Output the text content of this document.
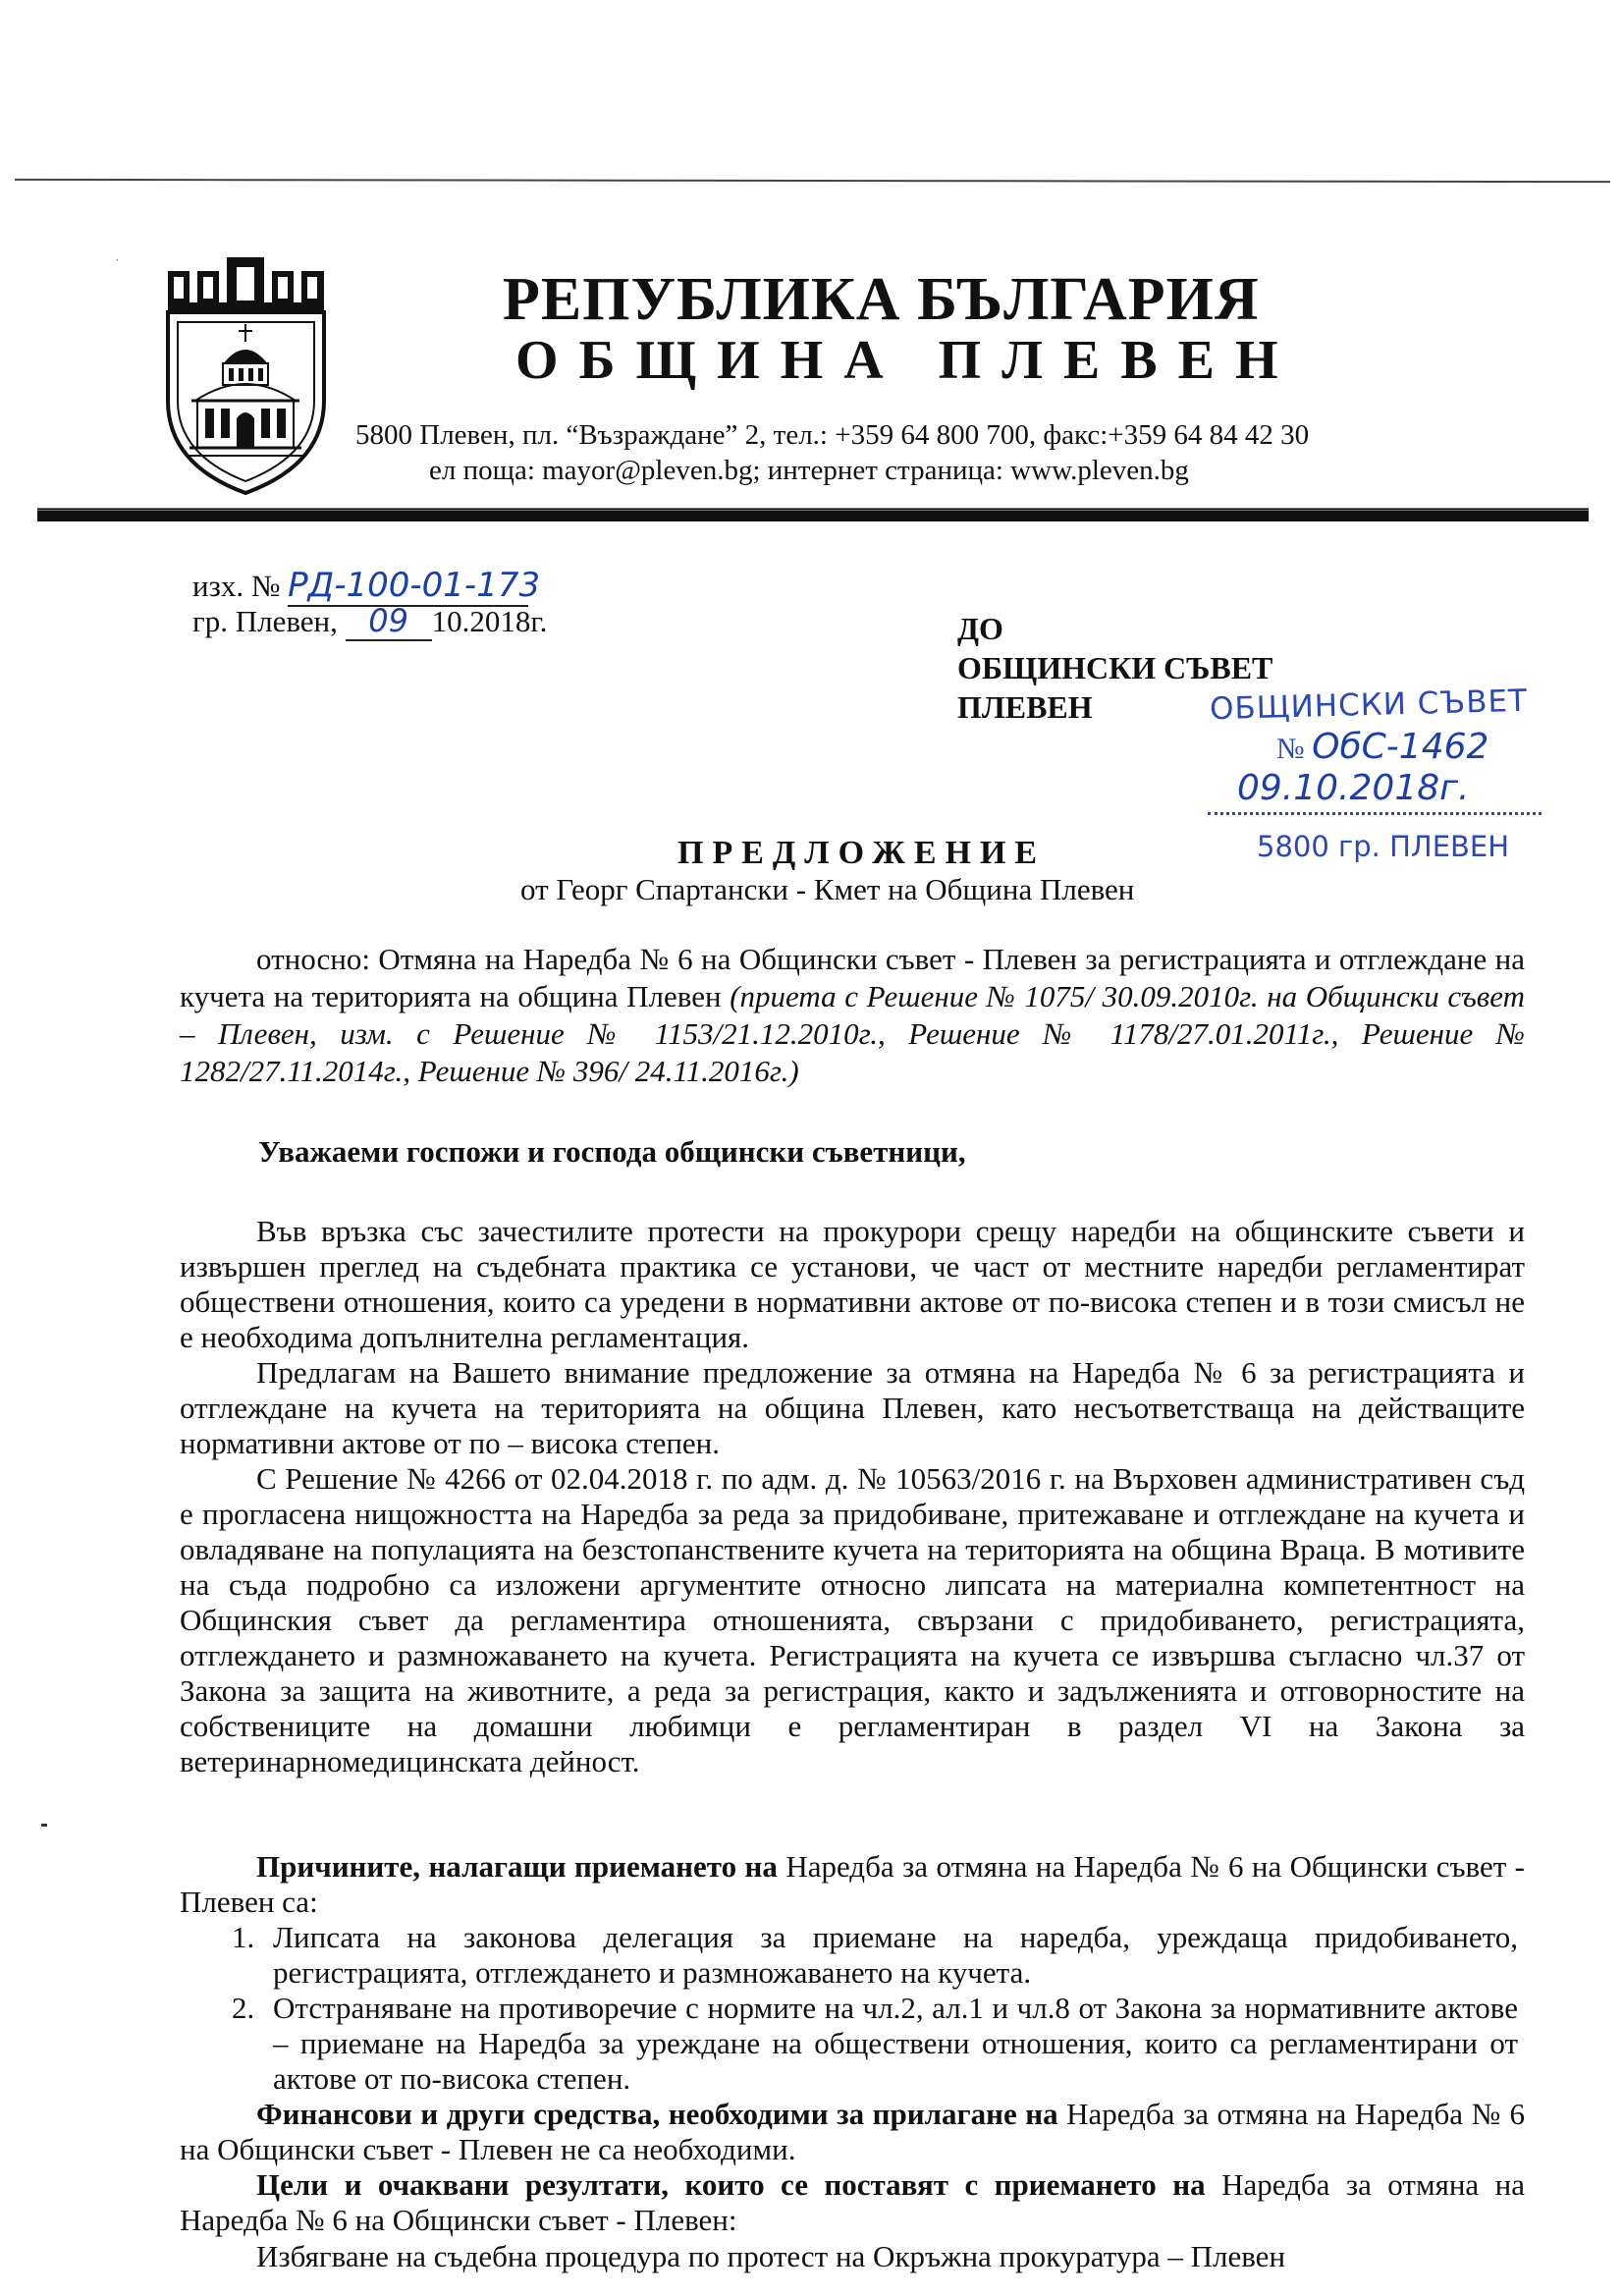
˙
РЕПУБЛИКА БЪЛГАРИЯ
ОБЩИНА ПЛЕВЕН
5800 Плевен, пл. “Възраждане” 2, тел.: +359 64 800 700, факс:+359 64 84 42 30
ел поща: mayor@pleven.bg; интернет страница: www.pleven.bg
изх. № РД-100-01-173
гр. Плевен, 09 10.2018г.	ДО
ОБЩИНСКИ СЪВЕТ
ПЛЕВЕН	ОБЩИНСКИ СЪВЕТ
№ ОбС-1462
09.10.2018г.
5800 гр. ПЛЕВЕН
ПРЕДЛОЖЕНИЕ
от Георг Спартански - Кмет на Община Плевен
относно: Отмяна на Наредба № 6 на Общински съвет - Плевен за регистрацията и отглеждане на кучета на територията на община Плевен (приета с Решение № 1075/ 30.09.2010г. на Общински съвет – Плевен, изм. с Решение № 1153/21.12.2010г., Решение № 1178/27.01.2011г., Решение № 1282/27.11.2014г., Решение № 396/ 24.11.2016г.)
Уважаеми госпожи и господа общински съветници,
Във връзка със зачестилите протести на прокурори срещу наредби на общинските съвети и извършен преглед на съдебната практика се установи, че част от местните наредби регламентират обществени отношения, които са уредени в нормативни актове от по-висока степен и в този смисъл не е необходима допълнителна регламентация.
Предлагам на Вашето внимание предложение за отмяна на Наредба № 6 за регистрацията и отглеждане на кучета на територията на община Плевен, като несъответстваща на действащите нормативни актове от по – висока степен.
С Решение № 4266 от 02.04.2018 г. по адм. д. № 10563/2016 г. на Върховен административен съд е прогласена нищожността на Наредба за реда за придобиване, притежаване и отглеждане на кучета и овладяване на популацията на безстопанствените кучета на територията на община Враца. В мотивите на съда подробно са изложени аргументите относно липсата на материална компетентност на Общинския съвет да регламентира отношенията, свързани с придобиването, регистрацията, отглеждането и размножаването на кучета. Регистрацията на кучета се извършва съгласно чл.37 от Закона за защита на животните, а реда за регистрация, както и задълженията и отговорностите на собствениците на домашни любимци е регламентиран в раздел VI на Закона за ветеринарномедицинската дейност.
Причините, налагащи приемането на Наредба за отмяна на Наредба № 6 на Общински съвет - Плевен са:
1. Липсата на законова делегация за приемане на наредба, уреждаща придобиването, регистрацията, отглеждането и размножаването на кучета.
2. Отстраняване на противоречие с нормите на чл.2, ал.1 и чл.8 от Закона за нормативните актове – приемане на Наредба за уреждане на обществени отношения, които са регламентирани от актове от по-висока степен.
Финансови и други средства, необходими за прилагане на Наредба за отмяна на Наредба № 6 на Общински съвет - Плевен не са необходими.
Цели и очаквани резултати, които се поставят с приемането на Наредба за отмяна на Наредба № 6 на Общински съвет - Плевен:
Избягване на съдебна процедура по протест на Окръжна прокуратура – Плевен
